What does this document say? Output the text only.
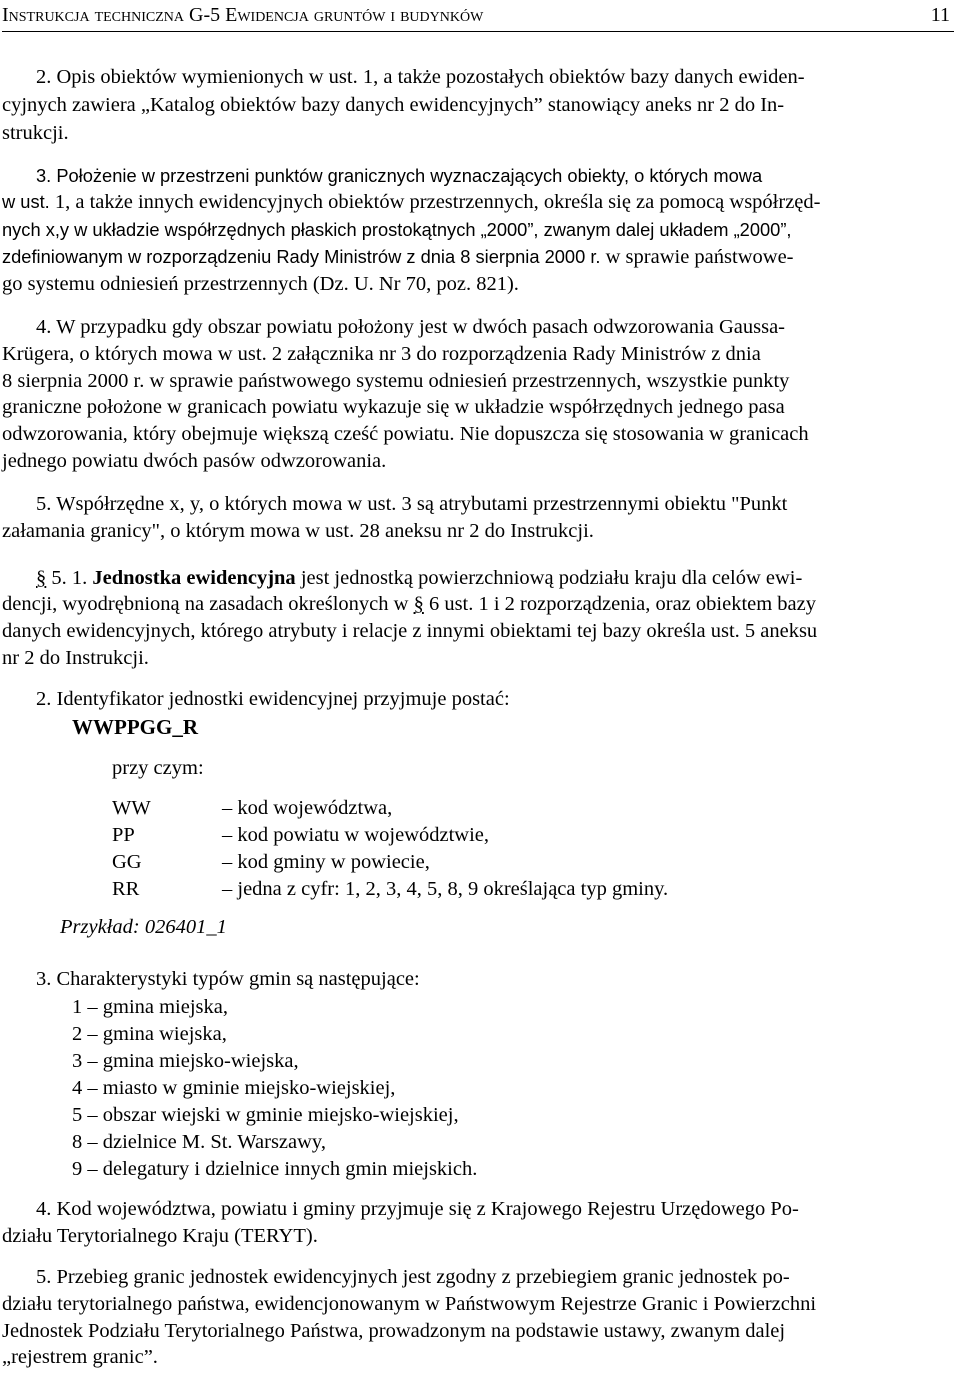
Instrukcja techniczna G-5 Ewidencja gruntów i budynków	11
2. Opis obiektów wymienionych w ust. 1, a także pozostałych obiektów bazy danych ewiden-
cyjnych zawiera „Katalog obiektów bazy danych ewidencyjnych” stanowiący aneks nr 2 do In-
strukcji.
3. Położenie w przestrzeni punktów granicznych wyznaczających obiekty, o których mowa
w ust. 1, a także innych ewidencyjnych obiektów przestrzennych, określa się za pomocą współrzęd-
nych x,y w układzie współrzędnych płaskich prostokątnych „2000”, zwanym dalej układem „2000”,
zdefiniowanym w rozporządzeniu Rady Ministrów z dnia 8 sierpnia 2000 r. w sprawie państwowe-
go systemu odniesień przestrzennych (Dz. U. Nr 70, poz. 821).
4. W przypadku gdy obszar powiatu położony jest w dwóch pasach odwzorowania Gaussa-
Krügera, o których mowa w ust. 2 załącznika nr 3 do rozporządzenia Rady Ministrów z dnia
8 sierpnia 2000 r. w sprawie państwowego systemu odniesień przestrzennych, wszystkie punkty
graniczne położone w granicach powiatu wykazuje się w układzie współrzędnych jednego pasa
odwzorowania, który obejmuje większą cześć powiatu. Nie dopuszcza się stosowania w granicach
jednego powiatu dwóch pasów odwzorowania.
5. Współrzędne x, y, o których mowa w ust. 3 są atrybutami przestrzennymi obiektu "Punkt
załamania granicy", o którym mowa w ust. 28 aneksu nr 2 do Instrukcji.
§ 5. 1. Jednostka ewidencyjna jest jednostką powierzchniową podziału kraju dla celów ewi-
dencji, wyodrębnioną na zasadach określonych w § 6 ust. 1 i 2 rozporządzenia, oraz obiektem bazy
danych ewidencyjnych, którego atrybuty i relacje z innymi obiektami tej bazy określa ust. 5 aneksu
nr 2 do Instrukcji.
2. Identyfikator jednostki ewidencyjnej przyjmuje postać:
WWPPGG_R
przy czym:
WW	– kod województwa,
PP	– kod powiatu w województwie,
GG	– kod gminy w powiecie,
RR	– jedna z cyfr: 1, 2, 3, 4, 5, 8, 9 określająca typ gminy.
Przykład: 026401_1
3. Charakterystyki typów gmin są następujące:
1 – gmina miejska,
2 – gmina wiejska,
3 – gmina miejsko-wiejska,
4 – miasto w gminie miejsko-wiejskiej,
5 – obszar wiejski w gminie miejsko-wiejskiej,
8 – dzielnice M. St. Warszawy,
9 – delegatury i dzielnice innych gmin miejskich.
4. Kod województwa, powiatu i gminy przyjmuje się z Krajowego Rejestru Urzędowego Po-
działu Terytorialnego Kraju (TERYT).
5. Przebieg granic jednostek ewidencyjnych jest zgodny z przebiegiem granic jednostek po-
działu terytorialnego państwa, ewidencjonowanym w Państwowym Rejestrze Granic i Powierzchni
Jednostek Podziału Terytorialnego Państwa, prowadzonym na podstawie ustawy, zwanym dalej
„rejestrem granic”.
